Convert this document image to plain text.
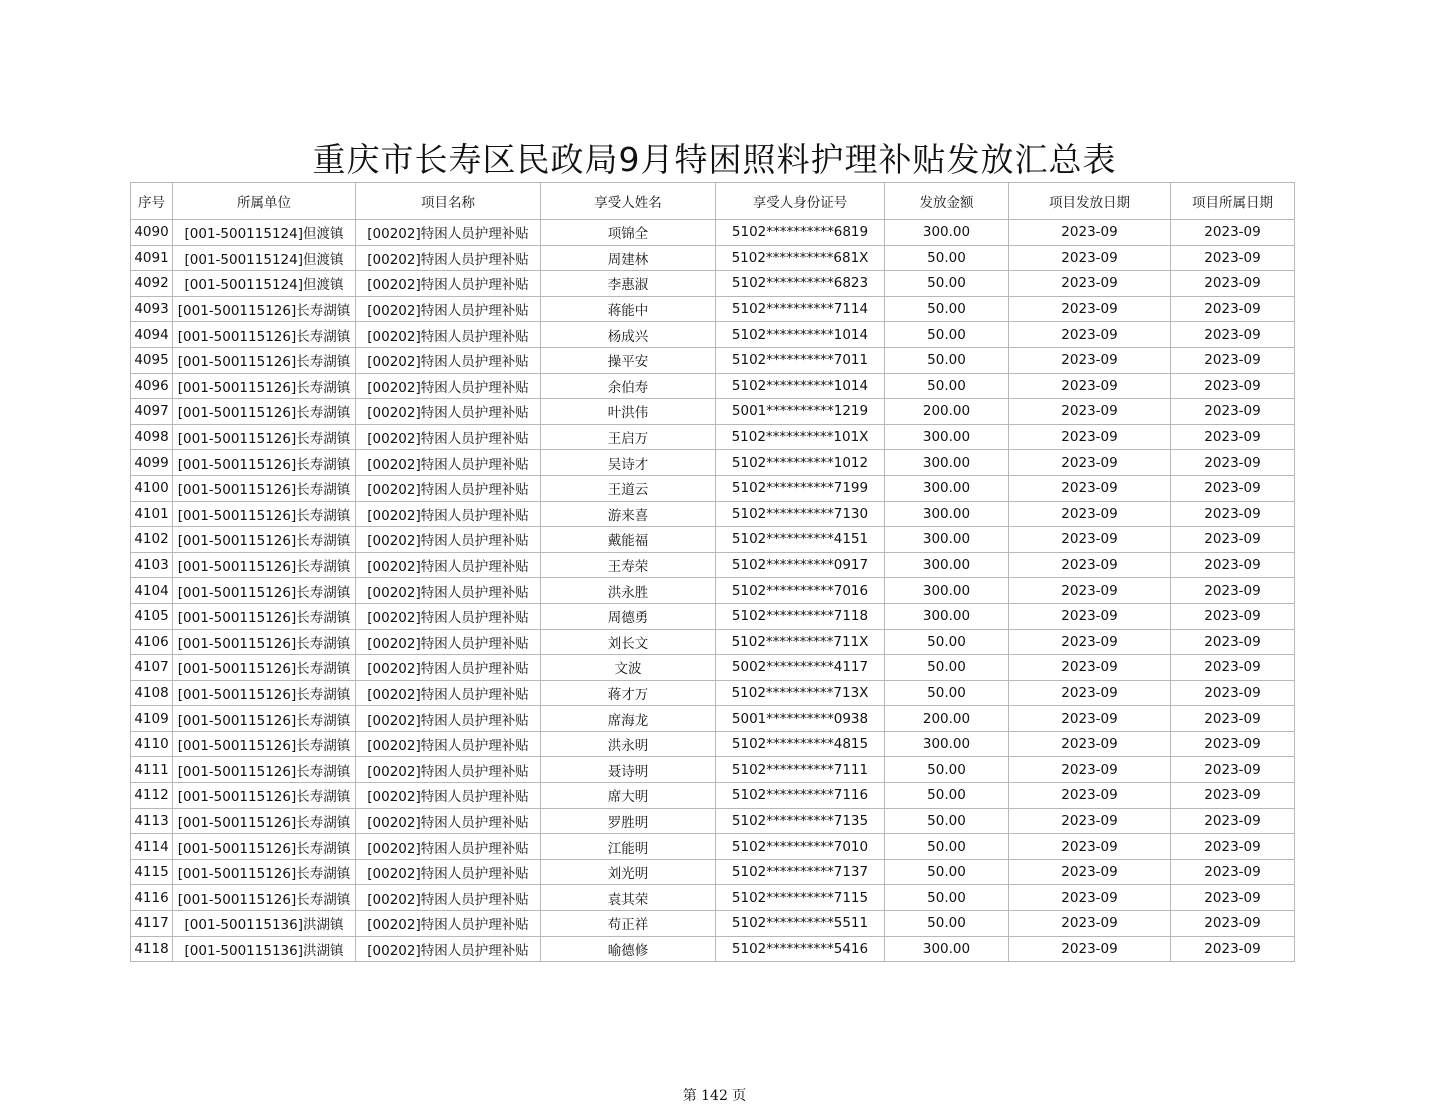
重庆市长寿区民政局9月特困照料护理补贴发放汇总表
序号	所属单位	项目名称	享受人姓名	享受人身份证号	发放金额	项目发放日期	项目所属日期
4090	[001-500115124]但渡镇	[00202]特困人员护理补贴	项锦全	5102**********6819	300.00	2023-09	2023-09
4091	[001-500115124]但渡镇	[00202]特困人员护理补贴	周建林	5102**********681X	50.00	2023-09	2023-09
4092	[001-500115124]但渡镇	[00202]特困人员护理补贴	李惠淑	5102**********6823	50.00	2023-09	2023-09
4093	[001-500115126]长寿湖镇	[00202]特困人员护理补贴	蒋能中	5102**********7114	50.00	2023-09	2023-09
4094	[001-500115126]长寿湖镇	[00202]特困人员护理补贴	杨成兴	5102**********1014	50.00	2023-09	2023-09
4095	[001-500115126]长寿湖镇	[00202]特困人员护理补贴	操平安	5102**********7011	50.00	2023-09	2023-09
4096	[001-500115126]长寿湖镇	[00202]特困人员护理补贴	余伯寿	5102**********1014	50.00	2023-09	2023-09
4097	[001-500115126]长寿湖镇	[00202]特困人员护理补贴	叶洪伟	5001**********1219	200.00	2023-09	2023-09
4098	[001-500115126]长寿湖镇	[00202]特困人员护理补贴	王启万	5102**********101X	300.00	2023-09	2023-09
4099	[001-500115126]长寿湖镇	[00202]特困人员护理补贴	吴诗才	5102**********1012	300.00	2023-09	2023-09
4100	[001-500115126]长寿湖镇	[00202]特困人员护理补贴	王道云	5102**********7199	300.00	2023-09	2023-09
4101	[001-500115126]长寿湖镇	[00202]特困人员护理补贴	游来喜	5102**********7130	300.00	2023-09	2023-09
4102	[001-500115126]长寿湖镇	[00202]特困人员护理补贴	戴能福	5102**********4151	300.00	2023-09	2023-09
4103	[001-500115126]长寿湖镇	[00202]特困人员护理补贴	王寿荣	5102**********0917	300.00	2023-09	2023-09
4104	[001-500115126]长寿湖镇	[00202]特困人员护理补贴	洪永胜	5102**********7016	300.00	2023-09	2023-09
4105	[001-500115126]长寿湖镇	[00202]特困人员护理补贴	周德勇	5102**********7118	300.00	2023-09	2023-09
4106	[001-500115126]长寿湖镇	[00202]特困人员护理补贴	刘长文	5102**********711X	50.00	2023-09	2023-09
4107	[001-500115126]长寿湖镇	[00202]特困人员护理补贴	文波	5002**********4117	50.00	2023-09	2023-09
4108	[001-500115126]长寿湖镇	[00202]特困人员护理补贴	蒋才万	5102**********713X	50.00	2023-09	2023-09
4109	[001-500115126]长寿湖镇	[00202]特困人员护理补贴	席海龙	5001**********0938	200.00	2023-09	2023-09
4110	[001-500115126]长寿湖镇	[00202]特困人员护理补贴	洪永明	5102**********4815	300.00	2023-09	2023-09
4111	[001-500115126]长寿湖镇	[00202]特困人员护理补贴	聂诗明	5102**********7111	50.00	2023-09	2023-09
4112	[001-500115126]长寿湖镇	[00202]特困人员护理补贴	席大明	5102**********7116	50.00	2023-09	2023-09
4113	[001-500115126]长寿湖镇	[00202]特困人员护理补贴	罗胜明	5102**********7135	50.00	2023-09	2023-09
4114	[001-500115126]长寿湖镇	[00202]特困人员护理补贴	江能明	5102**********7010	50.00	2023-09	2023-09
4115	[001-500115126]长寿湖镇	[00202]特困人员护理补贴	刘光明	5102**********7137	50.00	2023-09	2023-09
4116	[001-500115126]长寿湖镇	[00202]特困人员护理补贴	袁其荣	5102**********7115	50.00	2023-09	2023-09
4117	[001-500115136]洪湖镇	[00202]特困人员护理补贴	苟正祥	5102**********5511	50.00	2023-09	2023-09
4118	[001-500115136]洪湖镇	[00202]特困人员护理补贴	喻德修	5102**********5416	300.00	2023-09	2023-09
第 142 页
